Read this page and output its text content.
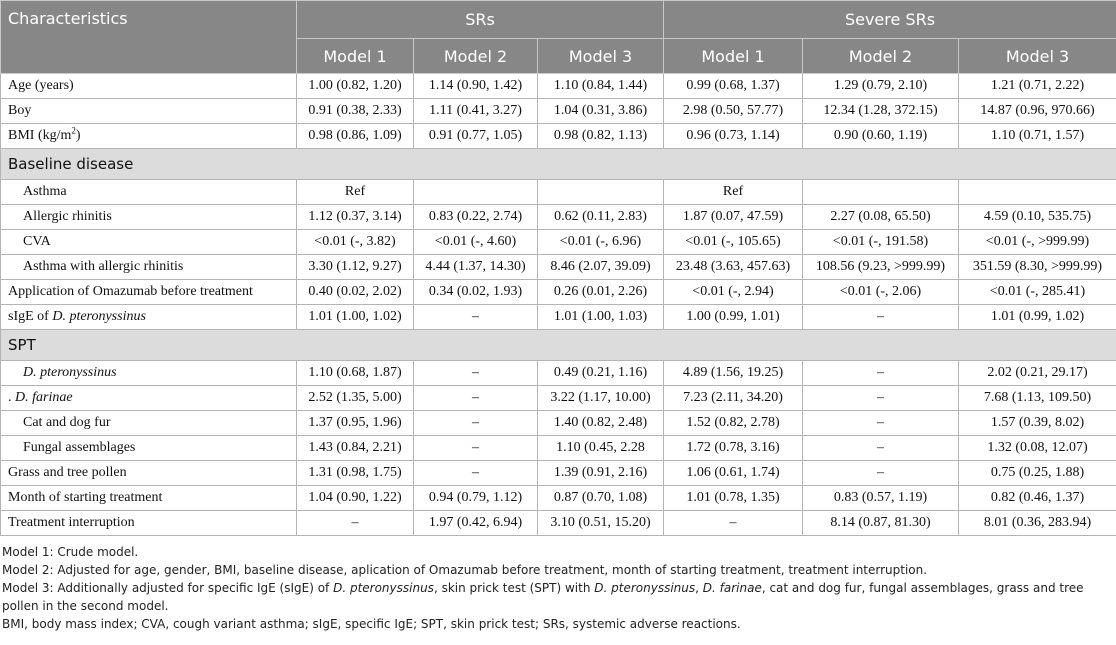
Characteristics	SRs			Severe SRs		
	Model 1	Model 2	Model 3	Model 1	Model 2	Model 3
Age (years)	1.00 (0.82, 1.20)	1.14 (0.90, 1.42)	1.10 (0.84, 1.44)	0.99 (0.68, 1.37)	1.29 (0.79, 2.10)	1.21 (0.71, 2.22)
Boy	0.91 (0.38, 2.33)	1.11 (0.41, 3.27)	1.04 (0.31, 3.86)	2.98 (0.50, 57.77)	12.34 (1.28, 372.15)	14.87 (0.96, 970.66)
BMI $(kg/m^2)$	0.98 (0.86, 1.09)	0.91 (0.77, 1.05)	0.98 (0.82, 1.13)	0.96 (0.73, 1.14)	0.90 (0.60, 1.19)	1.10 (0.71, 1.57)
Baseline disease						
Asthma	Ref			Ref		
Allergic rhinitis	1.12 (0.37, 3.14)	0.83 (0.22, 2.74)	0.62 (0.11, 2.83)	1.87 (0.07, 47.59)	2.27 (0.08, 65.50)	4.59 (0.10, 535.75)
CVA	<0.01 (-, 3.82)	<0.01 (-, 4.60)	<0.01 (-, 6.96)	<0.01 (-, 105.65)	<0.01 (-, 191.58)	<0.01 (-, >999.99)
Asthma with allergic rhinitis	3.30 (1.12, 9.27)	4.44 (1.37, 14.30)	8.46 (2.07, 39.09)	23.48 (3.63, 457.63)	108.56 (9.23, >999.99)	351.59 (8.30, >999.99)
Application of Omazumab before treatment	0.40 (0.02, 2.02)	0.34 (0.02, 1.93)	0.26 (0.01, 2.26)	<0.01 (-, 2.94)	<0.01 (-, 2.06)	<0.01 (-, 285.41)
sIgE of D. pteronyssinus	1.01 (1.00, 1.02)	–	1.01 (1.00, 1.03)	1.00 (0.99, 1.01)	–	1.01 (0.99, 1.02)
SPT						
D. pteronyssinus	1.10 (0.68, 1.87)	–	0.49 (0.21, 1.16)	4.89 (1.56, 19.25)	–	2.02 (0.21, 29.17)
. D. farinae	2.52 (1.35, 5.00)	–	3.22 (1.17, 10.00)	7.23 (2.11, 34.20)	–	7.68 (1.13, 109.50)
Cat and dog fur	1.37 (0.95, 1.96)	–	1.40 (0.82, 2.48)	1.52 (0.82, 2.78)	–	1.57 (0.39, 8.02)
Fungal assemblages	1.43 (0.84, 2.21)	–	1.10 (0.45, 2.28	1.72 (0.78, 3.16)	–	1.32 (0.08, 12.07)
Grass and tree pollen	1.31 (0.98, 1.75)	–	1.39 (0.91, 2.16)	1.06 (0.61, 1.74)	–	0.75 (0.25, 1.88)
Month of starting treatment	1.04 (0.90, 1.22)	0.94 (0.79, 1.12)	0.87 (0.70, 1.08)	1.01 (0.78, 1.35)	0.83 (0.57, 1.19)	0.82 (0.46, 1.37)
Treatment interruption	–	1.97 (0.42, 6.94)	3.10 (0.51, 15.20)	–	8.14 (0.87, 81.30)	8.01 (0.36, 283.94)

Model 1: Crude model.

Model 2: Adjusted for age, gender, BMI, baseline disease, aplication of Omazumab before treatment, month of starting treatment, treatment interruption.

Model 3: Additionally adjusted for specific IgE (sIgE) of D. pteronyssinus, skin prick test (SPT) with D. pteronyssinus, D. farinae, cat and dog fur, fungal assemblages, grass and tree pollen in the second model.

BMI, body mass index; CVA, cough variant asthma; sIgE, specific IgE; SPT, skin prick test; SRs, systemic adverse reactions.
